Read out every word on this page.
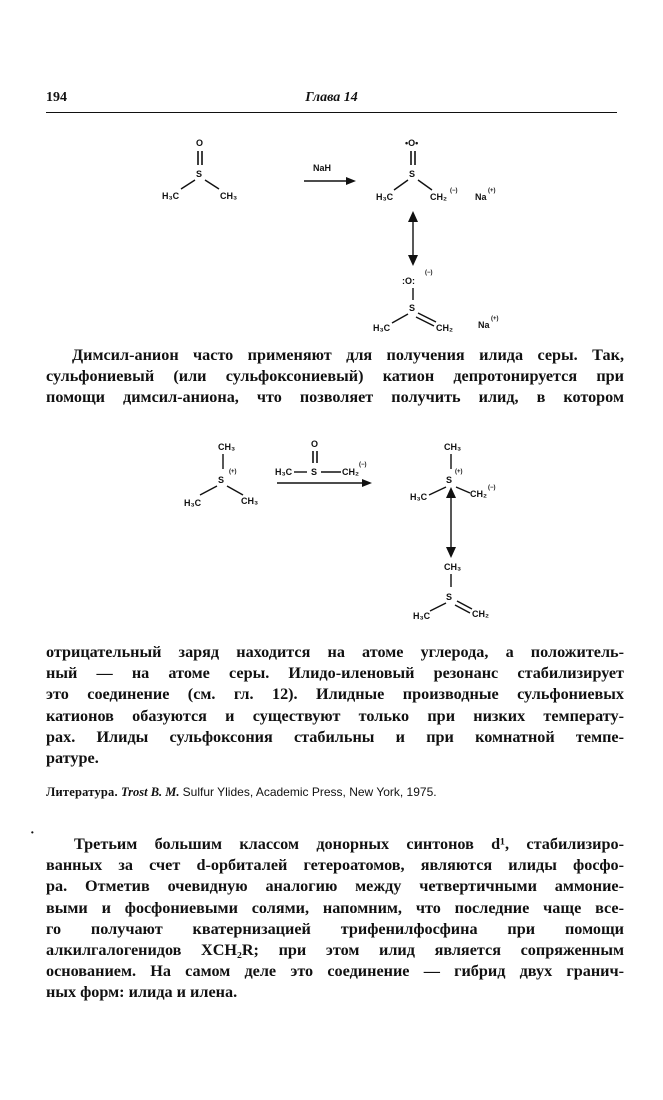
194	Глава 14
O
S
H₃C	CH₃
NaH
•O•
S
H₃C	CH₂
(−)
Na
(+)
:O:
(−)
S
H₃C	CH₂	Na
(+)

Димсил-анион часто применяют для получения илида серы. Так,
сульфониевый (или сульфоксониевый) катион депротонируется при
помощи димсил-аниона, что позволяет получить илид, в котором

CH₃
(+)
S
H₃C	CH₃
O
H₃C S	CH₂
(−)
CH₃
(+)
S
H₃C	CH₂
(−)
CH₃
S
H₃C	CH₂

отрицательный заряд находится на атоме углерода, а положитель-
ный — на атоме серы. Илидо-иленовый резонанс стабилизирует
это соединение (см. гл. 12). Илидные производные сульфониевых
катионов обазуются и существуют только при низких температу-
рах. Илиды сульфоксония стабильны и при комнатной темпе-
ратуре.

Литература. Trost B. M. Sulfur Ylides, Academic Press, New York, 1975.
·

Третьим большим классом донорных синтонов d¹, стабилизиро-
ванных за счет d-орбиталей гетероатомов, являются илиды фосфо-
ра. Отметив очевидную аналогию между четвертичными аммоние-
выми и фосфониевыми солями, напомним, что последние чаще все-
го получают кватернизацией трифенилфосфина при помощи
алкилгалогенидов XCH₂R; при этом илид является сопряженным
основанием. На самом деле это соединение — гибрид двух гранич-
ных форм: илида и илена.
